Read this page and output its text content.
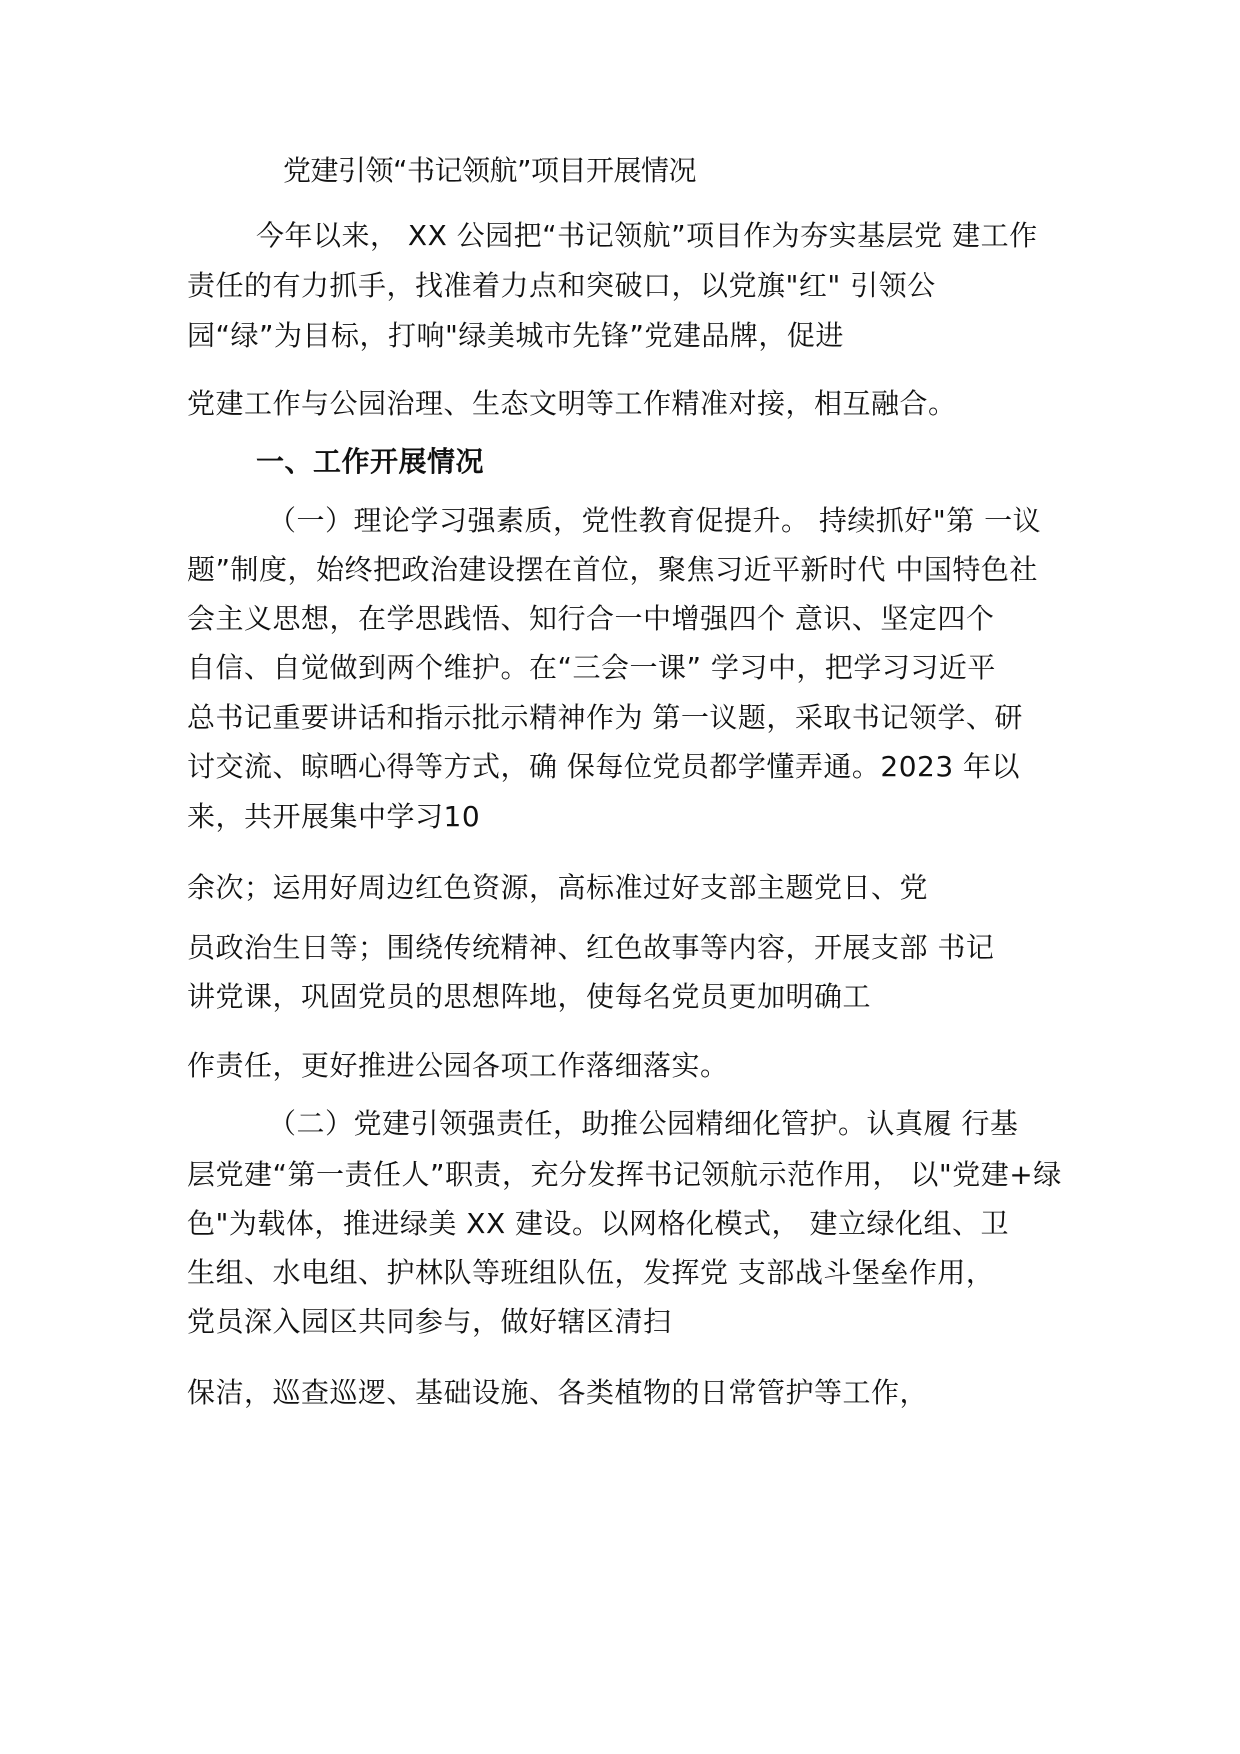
党建引领“书记领航”项目开展情况
今年以来， XX 公园把“书记领航”项目作为夯实基层党 建工作
责任的有力抓手，找准着力点和突破口，以党旗"红" 引领公
园“绿”为目标，打响"绿美城市先锋”党建品牌，促进
党建工作与公园治理、生态文明等工作精准对接，相互融合。
一、工作开展情况
（一）理论学习强素质，党性教育促提升。 持续抓好"第 一议
题”制度，始终把政治建设摆在首位，聚焦习近平新时代 中国特色社
会主义思想，在学思践悟、知行合一中增强四个 意识、坚定四个
自信、自觉做到两个维护。在“三会一课” 学习中，把学习习近平
总书记重要讲话和指示批示精神作为 第一议题，采取书记领学、研
讨交流、晾晒心得等方式，确 保每位党员都学懂弄通。2023 年以
来，共开展集中学习10
余次；运用好周边红色资源，高标准过好支部主题党日、党
员政治生日等；围绕传统精神、红色故事等内容，开展支部 书记
讲党课，巩固党员的思想阵地，使每名党员更加明确工
作责任，更好推进公园各项工作落细落实。
（二）党建引领强责任，助推公园精细化管护。认真履 行基
层党建“第一责任人”职责，充分发挥书记领航示范作用， 以"党建+绿
色"为载体，推进绿美 XX 建设。以网格化模式， 建立绿化组、卫
生组、水电组、护林队等班组队伍，发挥党 支部战斗堡垒作用，
党员深入园区共同参与，做好辖区清扫
保洁，巡查巡逻、基础设施、各类植物的日常管护等工作，
